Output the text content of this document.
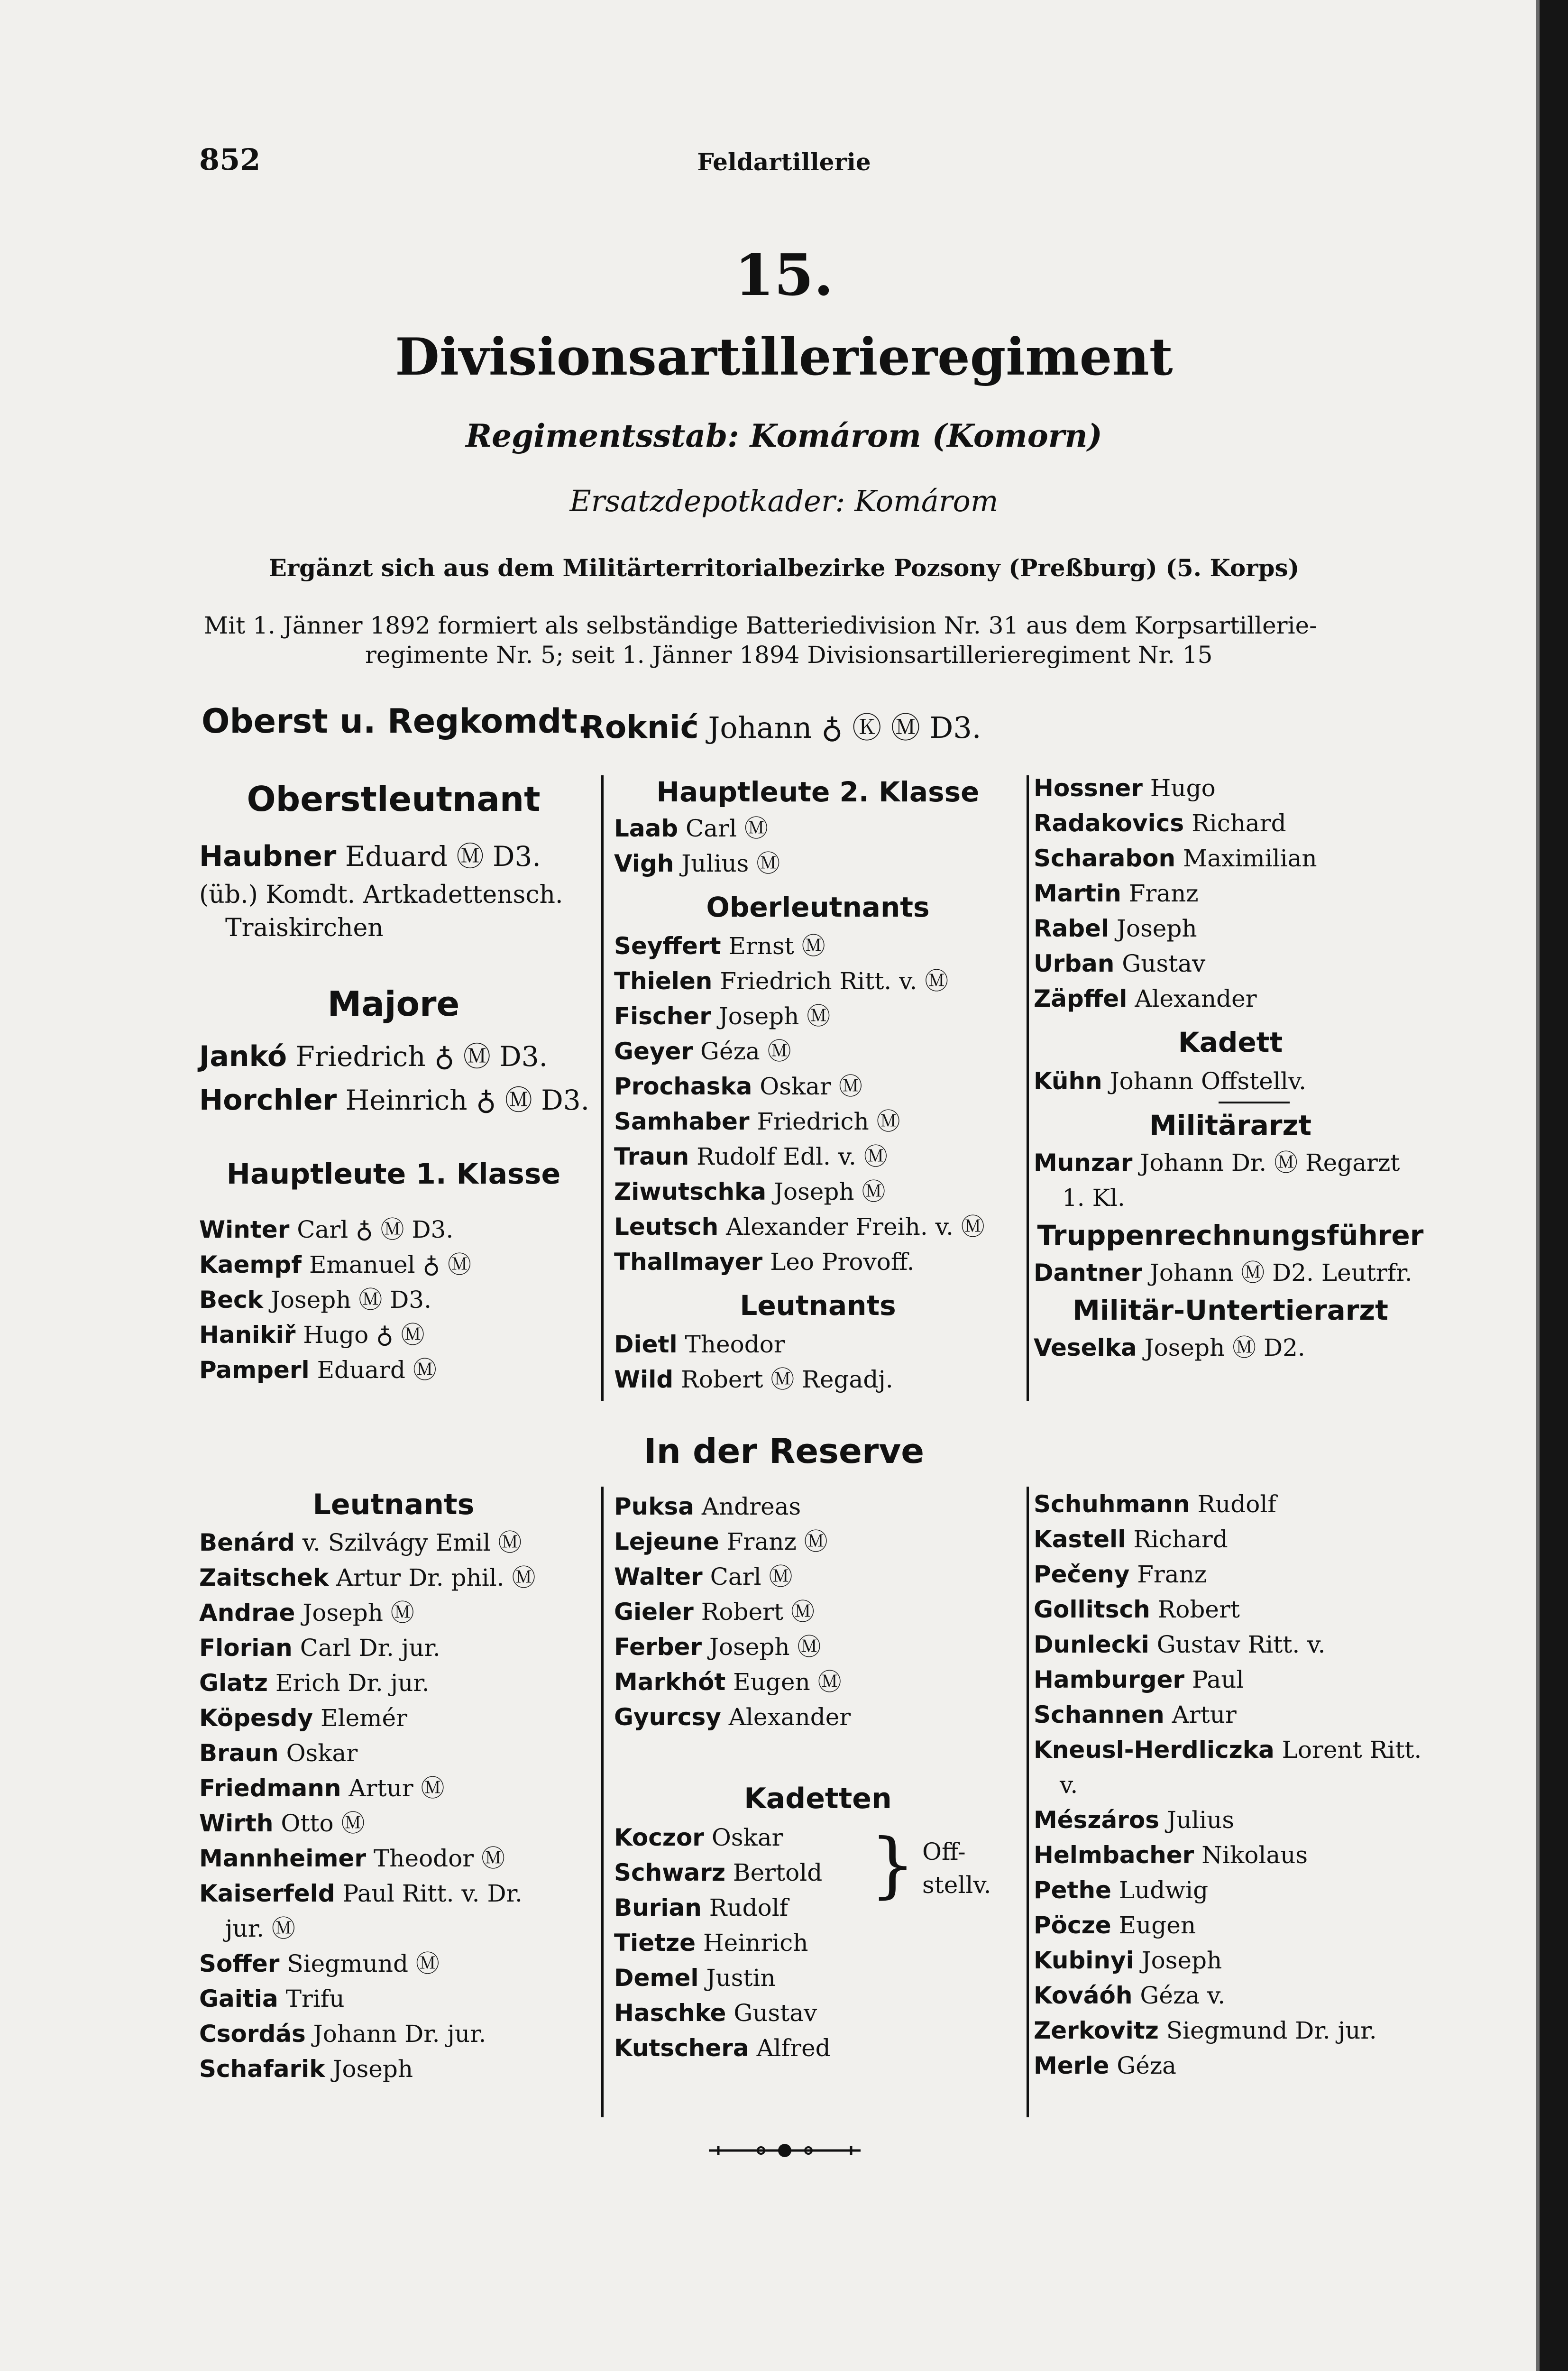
852	Feldartillerie
15.
Divisionsartillerieregiment
Regimentsstab: Komárom (Komorn)
Ersatzdepotkader: Komárom
Ergänzt sich aus dem Militärterritorialbezirke Pozsony (Preßburg) (5. Korps)
Mit 1. Jänner 1892 formiert als selbständige Batteriedivision Nr. 31 aus dem Korpsartillerie-
regimente Nr. 5; seit 1. Jänner 1894 Divisionsartillerieregiment Nr. 15
Oberst u. Regkomdt.
Roknić Johann ♁ Ⓚ Ⓜ D3.
Oberstleutnant
Haubner Eduard Ⓜ D3.
(üb.) Komdt. Artkadettensch.
Traiskirchen
Majore
Jankó Friedrich ♁ Ⓜ D3.
Horchler Heinrich ♁ Ⓜ D3.
Hauptleute 1. Klasse
Winter Carl ♁ Ⓜ D3.
Kaempf Emanuel ♁ Ⓜ
Beck Joseph Ⓜ D3.
Hanikiř Hugo ♁ Ⓜ
Pamperl Eduard Ⓜ
Hauptleute 2. Klasse
Laab Carl Ⓜ
Vigh Julius Ⓜ
Oberleutnants
Seyffert Ernst Ⓜ
Thielen Friedrich Ritt. v. Ⓜ
Fischer Joseph Ⓜ
Geyer Géza Ⓜ
Prochaska Oskar Ⓜ
Samhaber Friedrich Ⓜ
Traun Rudolf Edl. v. Ⓜ
Ziwutschka Joseph Ⓜ
Leutsch Alexander Freih. v. Ⓜ
Thallmayer Leo Provoff.
Leutnants
Dietl Theodor
Wild Robert Ⓜ Regadj.
Hossner Hugo
Radakovics Richard
Scharabon Maximilian
Martin Franz
Rabel Joseph
Urban Gustav
Zäpffel Alexander
Kadett
Kühn Johann Offstellv.
Militärarzt
Munzar Johann Dr. Ⓜ Regarzt
1. Kl.
Truppenrechnungsführer
Dantner Johann Ⓜ D2. Leutrfr.
Militär-Untertierarzt
Veselka Joseph Ⓜ D2.
In der Reserve
Leutnants
Benárd v. Szilvágy Emil Ⓜ
Zaitschek Artur Dr. phil. Ⓜ
Andrae Joseph Ⓜ
Florian Carl Dr. jur.
Glatz Erich Dr. jur.
Köpesdy Elemér
Braun Oskar
Friedmann Artur Ⓜ
Wirth Otto Ⓜ
Mannheimer Theodor Ⓜ
Kaiserfeld Paul Ritt. v. Dr.
jur. Ⓜ
Soffer Siegmund Ⓜ
Gaitia Trifu
Csordás Johann Dr. jur.
Schafarik Joseph
Puksa Andreas
Lejeune Franz Ⓜ
Walter Carl Ⓜ
Gieler Robert Ⓜ
Ferber Joseph Ⓜ
Markhót Eugen Ⓜ
Gyurcsy Alexander
Kadetten
Koczor Oskar
Schwarz Bertold
Burian Rudolf
Tietze Heinrich
Demel Justin
Haschke Gustav
Kutschera Alfred
} Off-
stellv.
Schuhmann Rudolf
Kastell Richard
Pečeny Franz
Gollitsch Robert
Dunlecki Gustav Ritt. v.
Hamburger Paul
Schannen Artur
Kneusl-Herdliczka Lorent Ritt.
v.
Mészáros Julius
Helmbacher Nikolaus
Pethe Ludwig
Pöcze Eugen
Kubinyi Joseph
Kováóh Géza v.
Zerkovitz Siegmund Dr. jur.
Merle Géza
